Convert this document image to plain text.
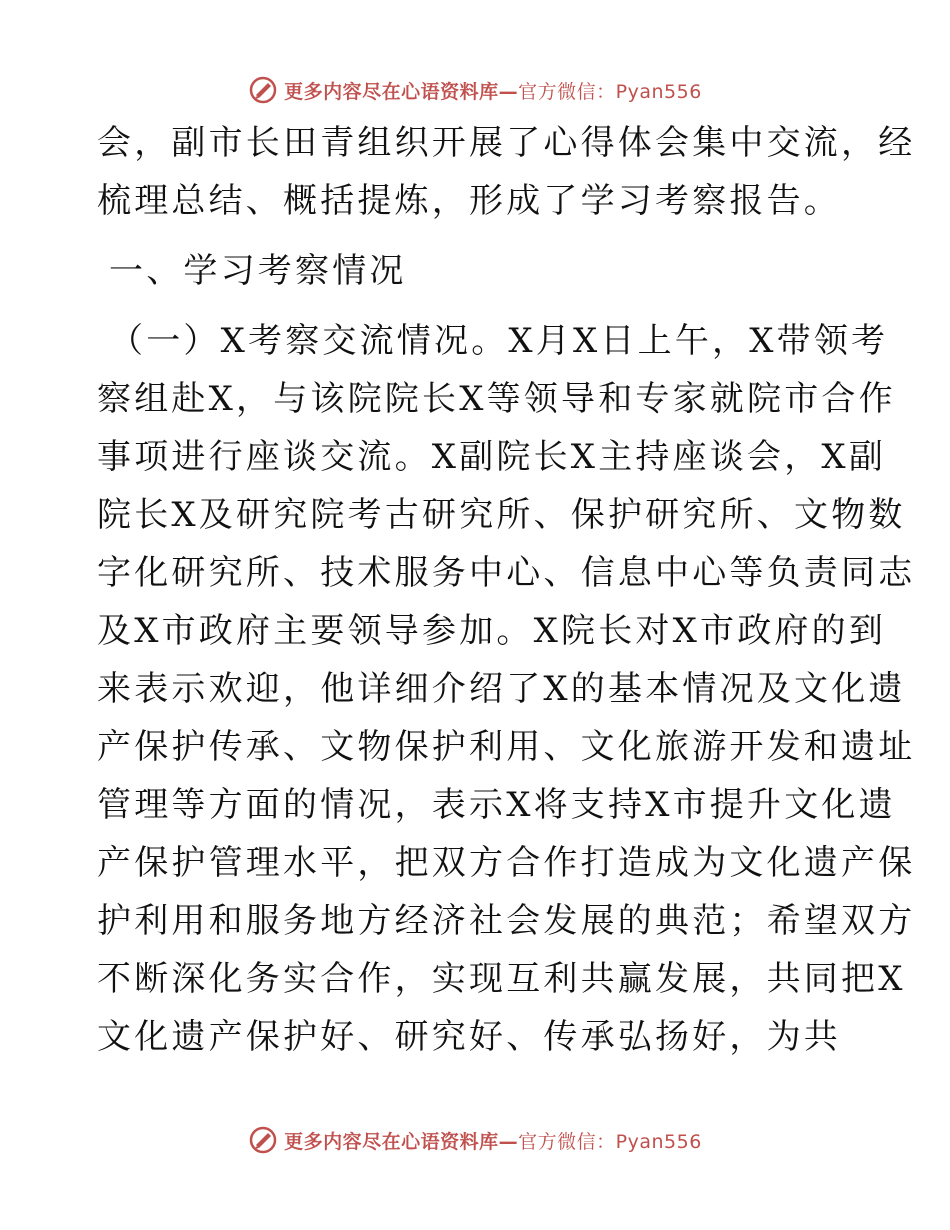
更多内容尽在心语资料库—官方微信：Pyan556
会，副市长田青组织开展了心得体会集中交流，经
梳理总结、概括提炼，形成了学习考察报告。
一、学习考察情况
（一）X考察交流情况。X月X日上午，X带领考
察组赴X，与该院院长X等领导和专家就院市合作
事项进行座谈交流。X副院长X主持座谈会，X副
院长X及研究院考古研究所、保护研究所、文物数
字化研究所、技术服务中心、信息中心等负责同志
及X市政府主要领导参加。X院长对X市政府的到
来表示欢迎，他详细介绍了X的基本情况及文化遗
产保护传承、文物保护利用、文化旅游开发和遗址
管理等方面的情况，表示X将支持X市提升文化遗
产保护管理水平，把双方合作打造成为文化遗产保
护利用和服务地方经济社会发展的典范；希望双方
不断深化务实合作，实现互利共赢发展，共同把X
文化遗产保护好、研究好、传承弘扬好，为共
更多内容尽在心语资料库—官方微信：Pyan556
